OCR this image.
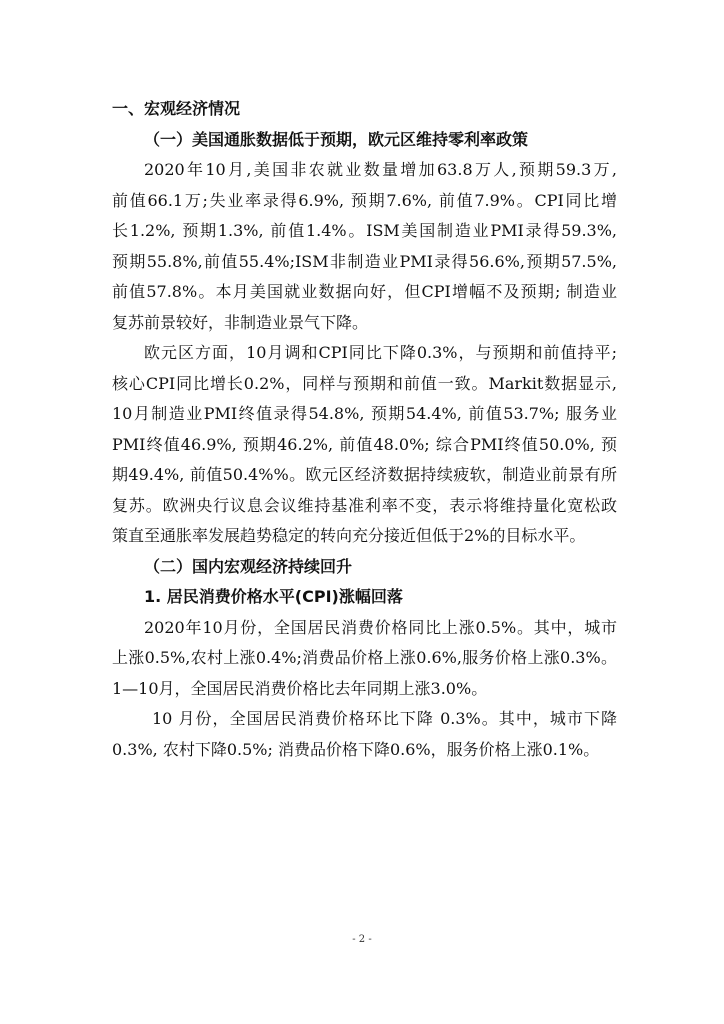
一、宏观经济情况
（一）美国通胀数据低于预期，欧元区维持零利率政策
2020年10月,美国非农就业数量增加63.8万人,预期59.3万,
前值66.1万;失业率录得6.9%, 预期7.6%, 前值7.9%。CPI同比增
长1.2%, 预期1.3%, 前值1.4%。ISM美国制造业PMI录得59.3%,
预期55.8%,前值55.4%;ISM非制造业PMI录得56.6%,预期57.5%,
前值57.8%。本月美国就业数据向好，但CPI增幅不及预期; 制造业
复苏前景较好，非制造业景气下降。
欧元区方面，10月调和CPI同比下降0.3%，与预期和前值持平;
核心CPI同比增长0.2%，同样与预期和前值一致。Markit数据显示,
10月制造业PMI终值录得54.8%, 预期54.4%, 前值53.7%; 服务业
PMI终值46.9%, 预期46.2%, 前值48.0%; 综合PMI终值50.0%, 预
期49.4%, 前值50.4%%。欧元区经济数据持续疲软，制造业前景有所
复苏。欧洲央行议息会议维持基准利率不变，表示将维持量化宽松政
策直至通胀率发展趋势稳定的转向充分接近但低于2%的目标水平。
（二）国内宏观经济持续回升
1. 居民消费价格水平(CPI)涨幅回落
2020年10月份，全国居民消费价格同比上涨0.5%。其中，城市
上涨0.5%,农村上涨0.4%;消费品价格上涨0.6%,服务价格上涨0.3%。
1—10月，全国居民消费价格比去年同期上涨3.0%。
10 月份，全国居民消费价格环比下降 0.3%。其中，城市下降
0.3%, 农村下降0.5%; 消费品价格下降0.6%，服务价格上涨0.1%。
- 2 -
